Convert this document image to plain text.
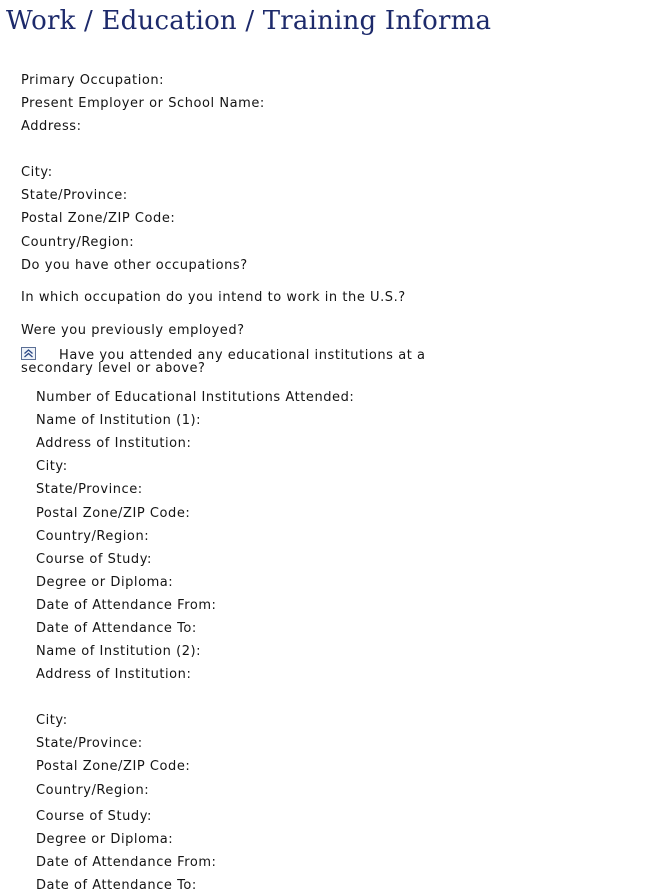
Work / Education / Training Informa
Primary Occupation:
Present Employer or School Name:
Address:
City:
State/Province:
Postal Zone/ZIP Code:
Country/Region:
Do you have other occupations?
In which occupation do you intend to work in the U.S.?
Were you previously employed?
Have you attended any educational institutions at a secondary level or above?
Number of Educational Institutions Attended:
Name of Institution (1):
Address of Institution:
City:
State/Province:
Postal Zone/ZIP Code:
Country/Region:
Course of Study:
Degree or Diploma:
Date of Attendance From:
Date of Attendance To:
Name of Institution (2):
Address of Institution:
City:
State/Province:
Postal Zone/ZIP Code:
Country/Region:
Course of Study:
Degree or Diploma:
Date of Attendance From:
Date of Attendance To:
